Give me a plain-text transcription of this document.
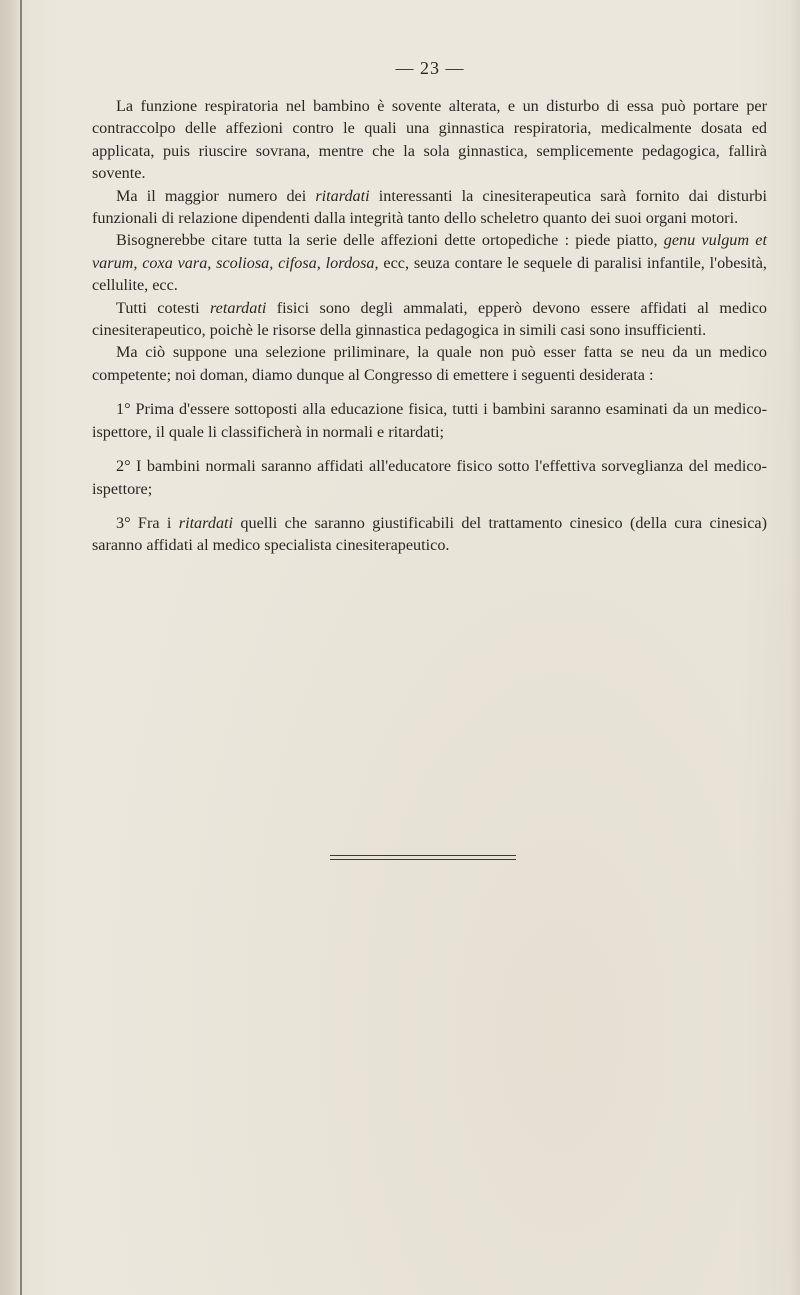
— 23 —

La funzione respiratoria nel bambino è sovente alterata, e un disturbo di essa può portare per contraccolpo delle affezioni contro le quali una ginnastica respiratoria, medicalmente dosata ed applicata, puis riuscire sovrana, mentre che la sola ginnastica, semplicemente pedagogica, fallirà sovente.

Ma il maggior numero dei ritardati interessanti la cinesiterapeutica sarà fornito dai disturbi funzionali di relazione dipendenti dalla integrità tanto dello scheletro quanto dei suoi organi motori.

Bisognerebbe citare tutta la serie delle affezioni dette ortopediche : piede piatto, genu vulgum et varum, coxa vara, scoliosa, cifosa, lordosa, ecc, seuza contare le sequele di paralisi infantile, l'obesità, cellulite, ecc.

Tutti cotesti retardati fisici sono degli ammalati, epperò devono essere affidati al medico cinesiterapeutico, poichè le risorse della ginnastica pedagogica in simili casi sono insufficienti.

Ma ciò suppone una selezione priliminare, la quale non può esser fatta se neu da un medico competente; noi doman, diamo dunque al Congresso di emettere i seguenti desiderata :

1° Prima d'essere sottoposti alla educazione fisica, tutti i bambini saranno esaminati da un medico-ispettore, il quale li classificherà in normali e ritardati;

2° I bambini normali saranno affidati all'educatore fisico sotto l'effettiva sorveglianza del medico-ispettore;

3° Fra i ritardati quelli che saranno giustificabili del trattamento cinesico (della cura cinesica) saranno affidati al medico specialista cinesiterapeutico.
